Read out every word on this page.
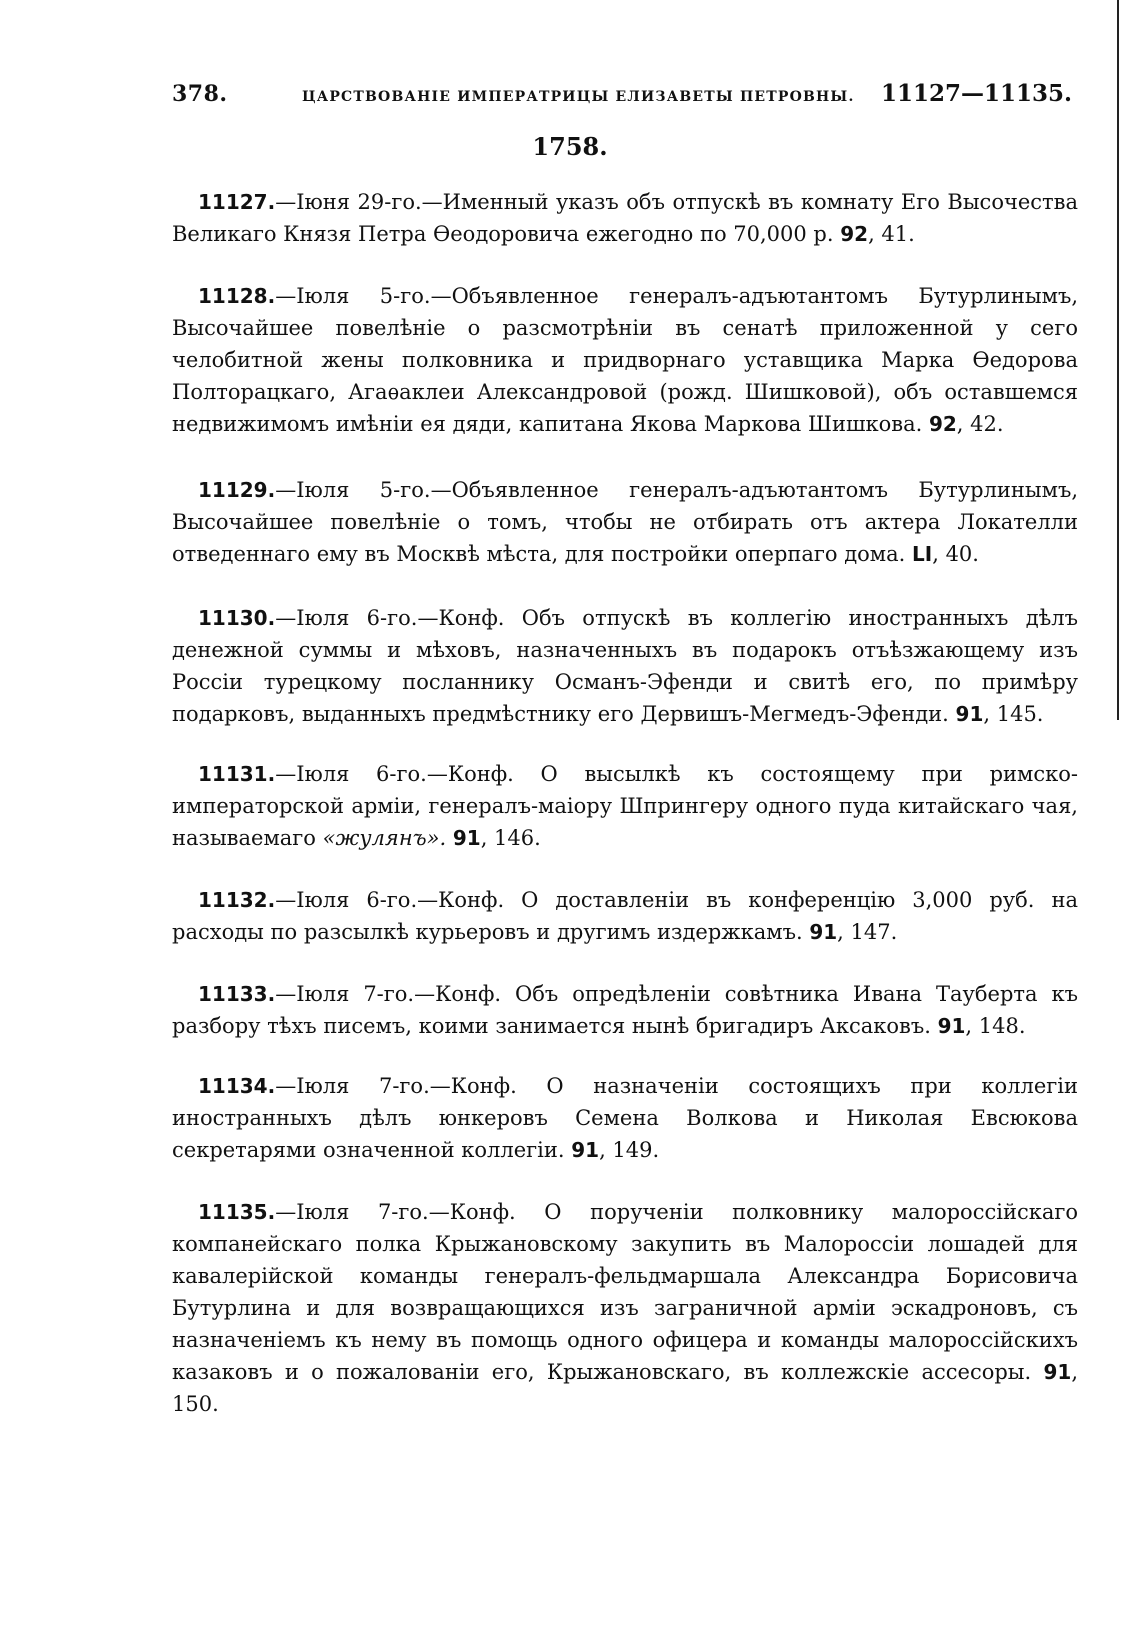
378.	ЦАРСТВОВАНІЕ ИМПЕРАТРИЦЫ ЕЛИЗАВЕТЫ ПЕТРОВНЫ. 11127—11135.
1758.

11127.—Іюня 29-го.—Именный указъ объ отпускѣ въ комнату Его Высочества Великаго Князя Петра Ѳеодоровича ежегодно по 70,000 р. 92, 41.

11128.—Іюля 5-го.—Объявленное генералъ-адъютантомъ Бутурлинымъ, Высочайшее повелѣніе о разсмотрѣніи въ сенатѣ приложенной у сего челобитной жены полковника и придворнаго уставщика Марка Ѳедорова Полторацкаго, Агаѳаклеи Александровой (рожд. Шишковой), объ оставшемся недвижимомъ имѣніи ея дяди, капитана Якова Маркова Шишкова. 92, 42.

11129.—Іюля 5-го.—Объявленное генералъ-адъютантомъ Бутурлинымъ, Высочайшее повелѣніе о томъ, чтобы не отбирать отъ актера Локателли отведеннаго ему въ Москвѣ мѣста, для постройки оперпаго дома. LI, 40.

11130.—Іюля 6-го.—Конф. Объ отпускѣ въ коллегію иностранныхъ дѣлъ денежной суммы и мѣховъ, назначенныхъ въ подарокъ отъѣзжающему изъ Россіи турецкому посланнику Османъ-Эфенди и свитѣ его, по примѣру подарковъ, выданныхъ предмѣстнику его Дервишъ-Мегмедъ-Эфенди. 91, 145.

11131.—Іюля 6-го.—Конф. О высылкѣ къ состоящему при римско-императорской арміи, генералъ-маіору Шпрингеру одного пуда китайскаго чая, называемаго «жулянъ». 91, 146.

11132.—Іюля 6-го.—Конф. О доставленіи въ конференцію 3,000 руб. на расходы по разсылкѣ курьеровъ и другимъ издержкамъ. 91, 147.

11133.—Іюля 7-го.—Конф. Объ опредѣленіи совѣтника Ивана Тауберта къ разбору тѣхъ писемъ, коими занимается нынѣ бригадиръ Аксаковъ. 91, 148.

11134.—Іюля 7-го.—Конф. О назначеніи состоящихъ при коллегіи иностранныхъ дѣлъ юнкеровъ Семена Волкова и Николая Евсюкова секретарями означенной коллегіи. 91, 149.

11135.—Іюля 7-го.—Конф. О порученіи полковнику малороссійскаго компанейскаго полка Крыжановскому закупить въ Малороссіи лошадей для кавалерійской команды генералъ-фельдмаршала Александра Борисовича Бутурлина и для возвращающихся изъ заграничной арміи эскадроновъ, съ назначеніемъ къ нему въ помощь одного офицера и команды малороссійскихъ казаковъ и о пожалованіи его, Крыжановскаго, въ коллежскіе ассесоры. 91, 150.
